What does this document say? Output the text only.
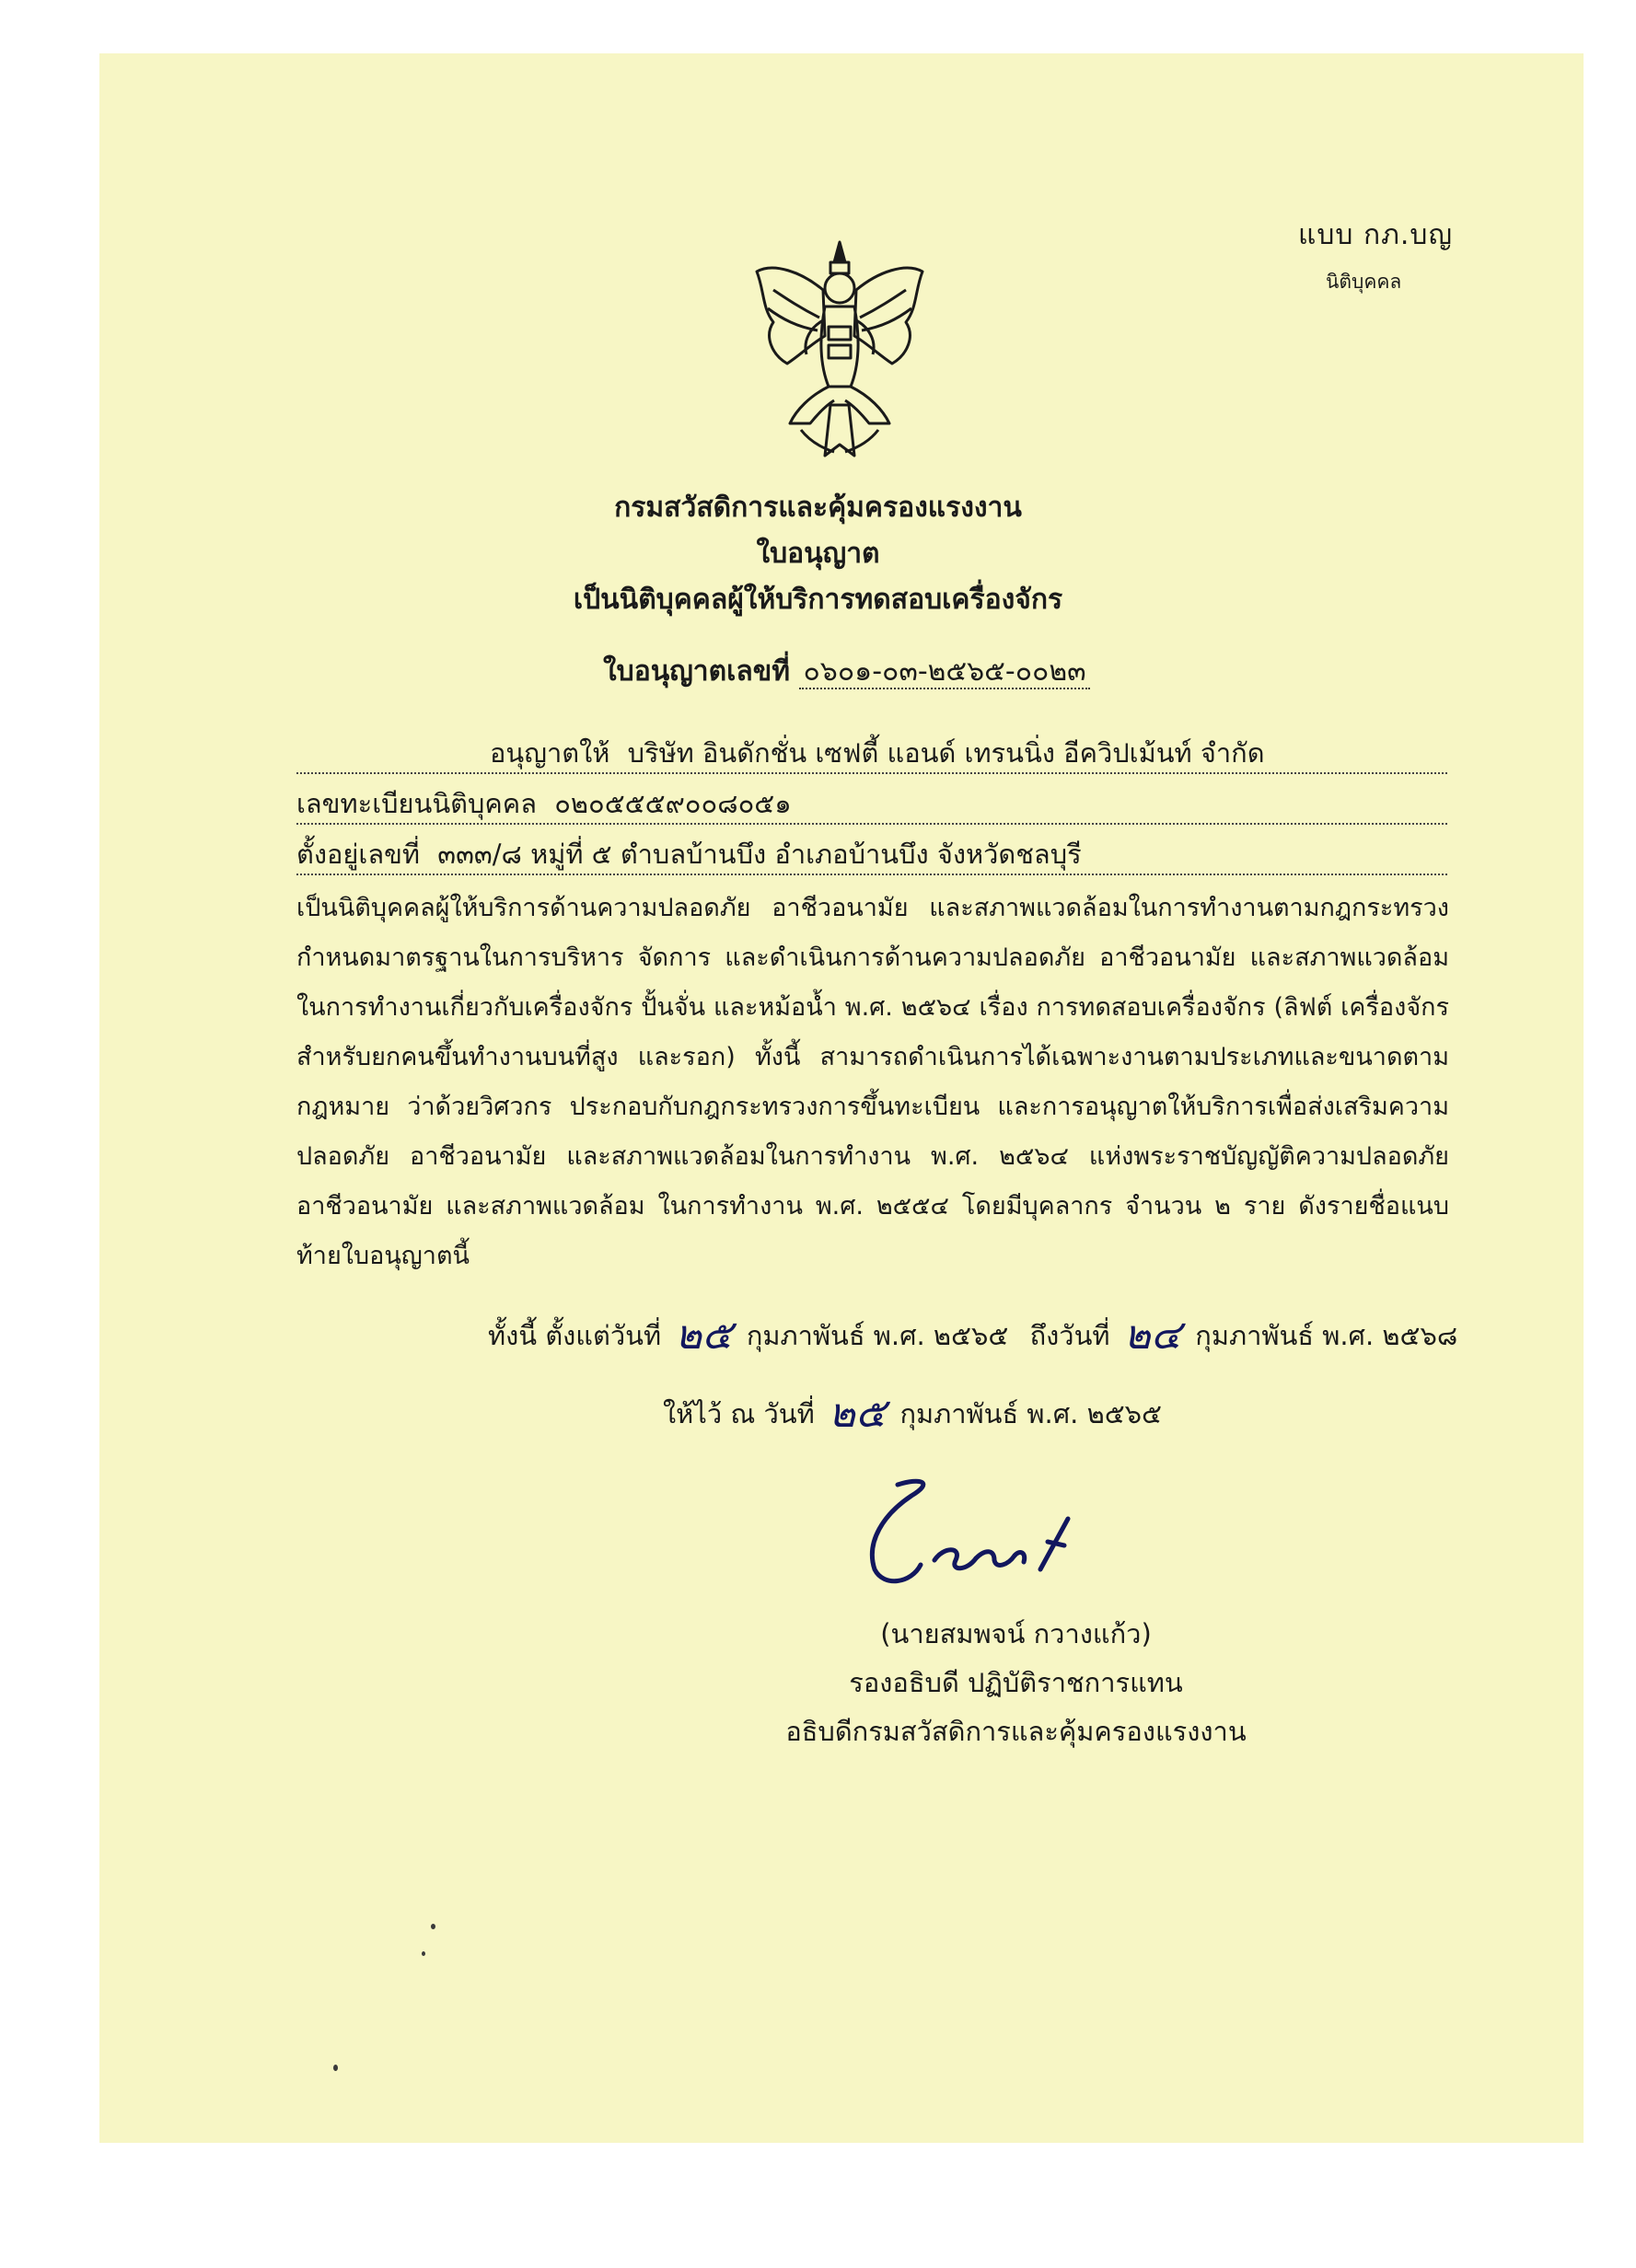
แบบ กภ.บญ
นิติบุคคล
กรมสวัสดิการและคุ้มครองแรงงาน
ใบอนุญาต
เป็นนิติบุคคลผู้ให้บริการทดสอบเครื่องจักร
ใบอนุญาตเลขที่ ๐๖๐๑-๐๓-๒๕๖๕-๐๐๒๓
อนุญาตให้ บริษัท อินดักชั่น เซฟตี้ แอนด์ เทรนนิ่ง อีควิปเม้นท์ จำกัด
เลขทะเบียนนิติบุคคล ๐๒๐๕๕๕๙๐๐๘๐๕๑
ตั้งอยู่เลขที่ ๓๓๓/๘ หมู่ที่ ๕ ตำบลบ้านบึง อำเภอบ้านบึง จังหวัดชลบุรี
เป็นนิติบุคคลผู้ให้บริการด้านความปลอดภัย อาชีวอนามัย และสภาพแวดล้อมในการทำงานตามกฎกระทรวง กำหนดมาตรฐานในการบริหาร จัดการ และดำเนินการด้านความปลอดภัย อาชีวอนามัย และสภาพแวดล้อม ในการทำงานเกี่ยวกับเครื่องจักร ปั้นจั่น และหม้อน้ำ พ.ศ. ๒๕๖๔ เรื่อง การทดสอบเครื่องจักร (ลิฟต์ เครื่องจักร สำหรับยกคนขึ้นทำงานบนที่สูง และรอก) ทั้งนี้ สามารถดำเนินการได้เฉพาะงานตามประเภทและขนาดตามกฎหมาย ว่าด้วยวิศวกร ประกอบกับกฎกระทรวงการขึ้นทะเบียน และการอนุญาตให้บริการเพื่อส่งเสริมความปลอดภัย อาชีวอนามัย และสภาพแวดล้อมในการทำงาน พ.ศ. ๒๕๖๔ แห่งพระราชบัญญัติความปลอดภัย อาชีวอนามัย และสภาพแวดล้อม ในการทำงาน พ.ศ. ๒๕๕๔ โดยมีบุคลากร จำนวน ๒ ราย ดังรายชื่อแนบท้ายใบอนุญาตนี้
ทั้งนี้ ตั้งแต่วันที่ ๒๕ กุมภาพันธ์ พ.ศ. ๒๕๖๕ ถึงวันที่ ๒๔ กุมภาพันธ์ พ.ศ. ๒๕๖๘
ให้ไว้ ณ วันที่ ๒๕ กุมภาพันธ์ พ.ศ. ๒๕๖๕
(นายสมพจน์ กวางแก้ว)
รองอธิบดี ปฏิบัติราชการแทน
อธิบดีกรมสวัสดิการและคุ้มครองแรงงาน
